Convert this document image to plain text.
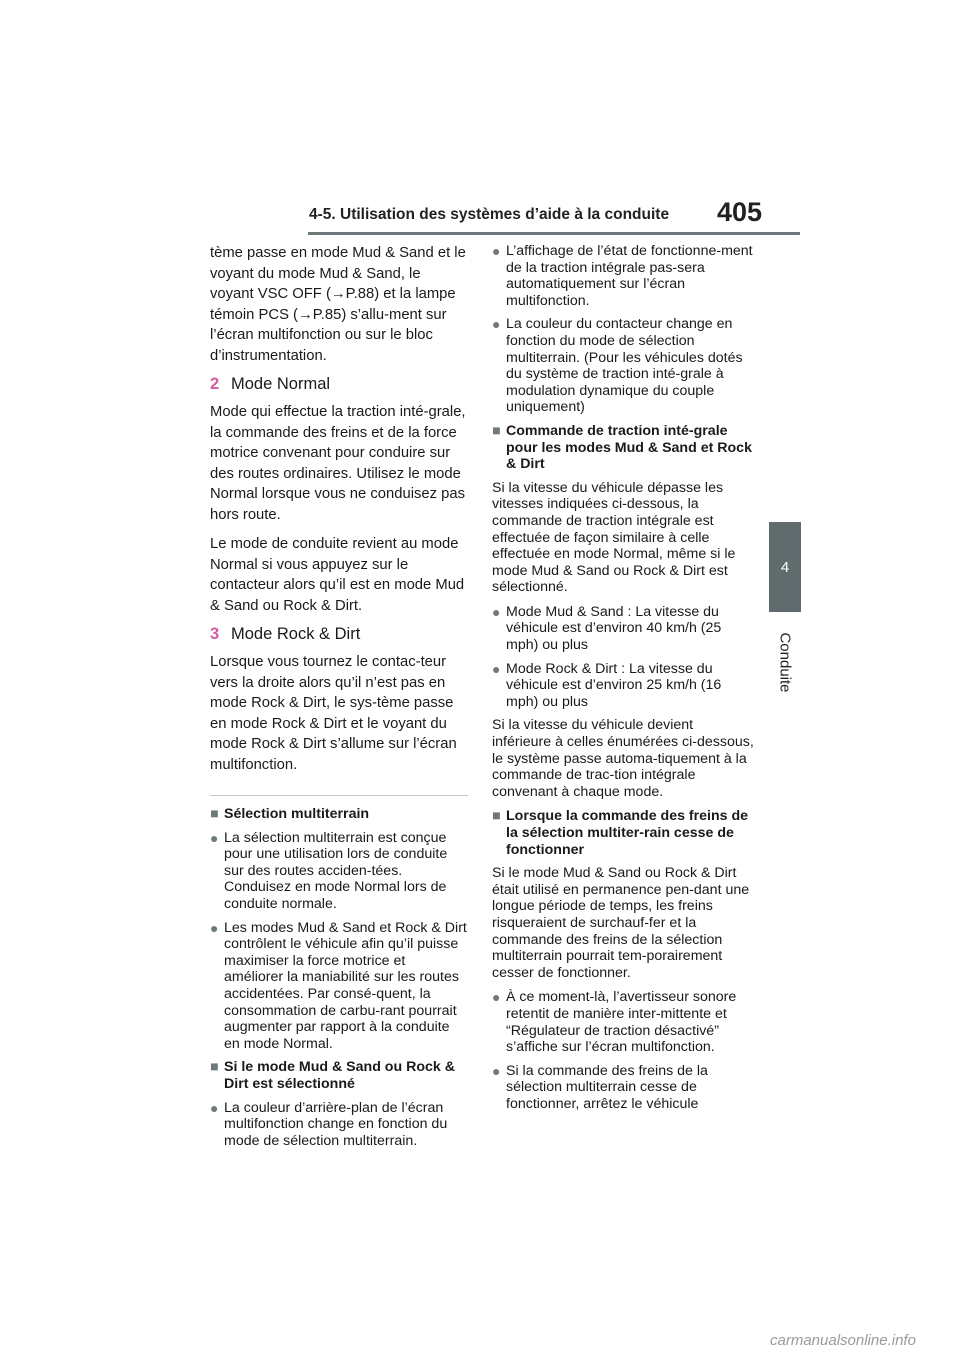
4-5. Utilisation des systèmes d’aide à la conduite 405
4
Conduite

tème passe en mode Mud & Sand et le voyant du mode Mud & Sand, le voyant VSC OFF (→P.88) et la lampe témoin PCS (→P.85) s’allu-ment sur l’écran multifonction ou sur le bloc d’instrumentation.

2 Mode Normal

Mode qui effectue la traction inté-grale, la commande des freins et de la force motrice convenant pour conduire sur des routes ordinaires. Utilisez le mode Normal lorsque vous ne conduisez pas hors route.

Le mode de conduite revient au mode Normal si vous appuyez sur le contacteur alors qu’il est en mode Mud & Sand ou Rock & Dirt.

3 Mode Rock & Dirt

Lorsque vous tournez le contac-teur vers la droite alors qu’il n’est pas en mode Rock & Dirt, le sys-tème passe en mode Rock & Dirt et le voyant du mode Rock & Dirt s’allume sur l’écran multifonction.

■ Sélection multiterrain
● La sélection multiterrain est conçue pour une utilisation lors de conduite sur des routes acciden-tées. Conduisez en mode Normal lors de conduite normale.
● Les modes Mud & Sand et Rock & Dirt contrôlent le véhicule afin qu’il puisse maximiser la force motrice et améliorer la maniabilité sur les routes accidentées. Par consé-quent, la consommation de carbu-rant pourrait augmenter par rapport à la conduite en mode Normal.
■ Si le mode Mud & Sand ou Rock & Dirt est sélectionné
● La couleur d’arrière-plan de l’écran multifonction change en fonction du mode de sélection multiterrain.
● L’affichage de l’état de fonctionne-ment de la traction intégrale pas-sera automatiquement sur l’écran multifonction.
● La couleur du contacteur change en fonction du mode de sélection multiterrain. (Pour les véhicules dotés du système de traction inté-grale à modulation dynamique du couple uniquement)
■ Commande de traction inté-grale pour les modes Mud & Sand et Rock & Dirt

Si la vitesse du véhicule dépasse les vitesses indiquées ci-dessous, la commande de traction intégrale est effectuée de façon similaire à celle effectuée en mode Normal, même si le mode Mud & Sand ou Rock & Dirt est sélectionné.

● Mode Mud & Sand : La vitesse du véhicule est d’environ 40 km/h (25 mph) ou plus
● Mode Rock & Dirt : La vitesse du véhicule est d’environ 25 km/h (16 mph) ou plus

Si la vitesse du véhicule devient inférieure à celles énumérées ci-dessous, le système passe automa-tiquement à la commande de trac-tion intégrale convenant à chaque mode.

■ Lorsque la commande des freins de la sélection multiter-rain cesse de fonctionner

Si le mode Mud & Sand ou Rock & Dirt était utilisé en permanence pen-dant une longue période de temps, les freins risqueraient de surchauf-fer et la commande des freins de la sélection multiterrain pourrait tem-porairement cesser de fonctionner.

● À ce moment-là, l’avertisseur sonore retentit de manière inter-mittente et “Régulateur de traction désactivé” s’affiche sur l’écran multifonction.
● Si la commande des freins de la sélection multiterrain cesse de fonctionner, arrêtez le véhicule
carmanualsonline.info
